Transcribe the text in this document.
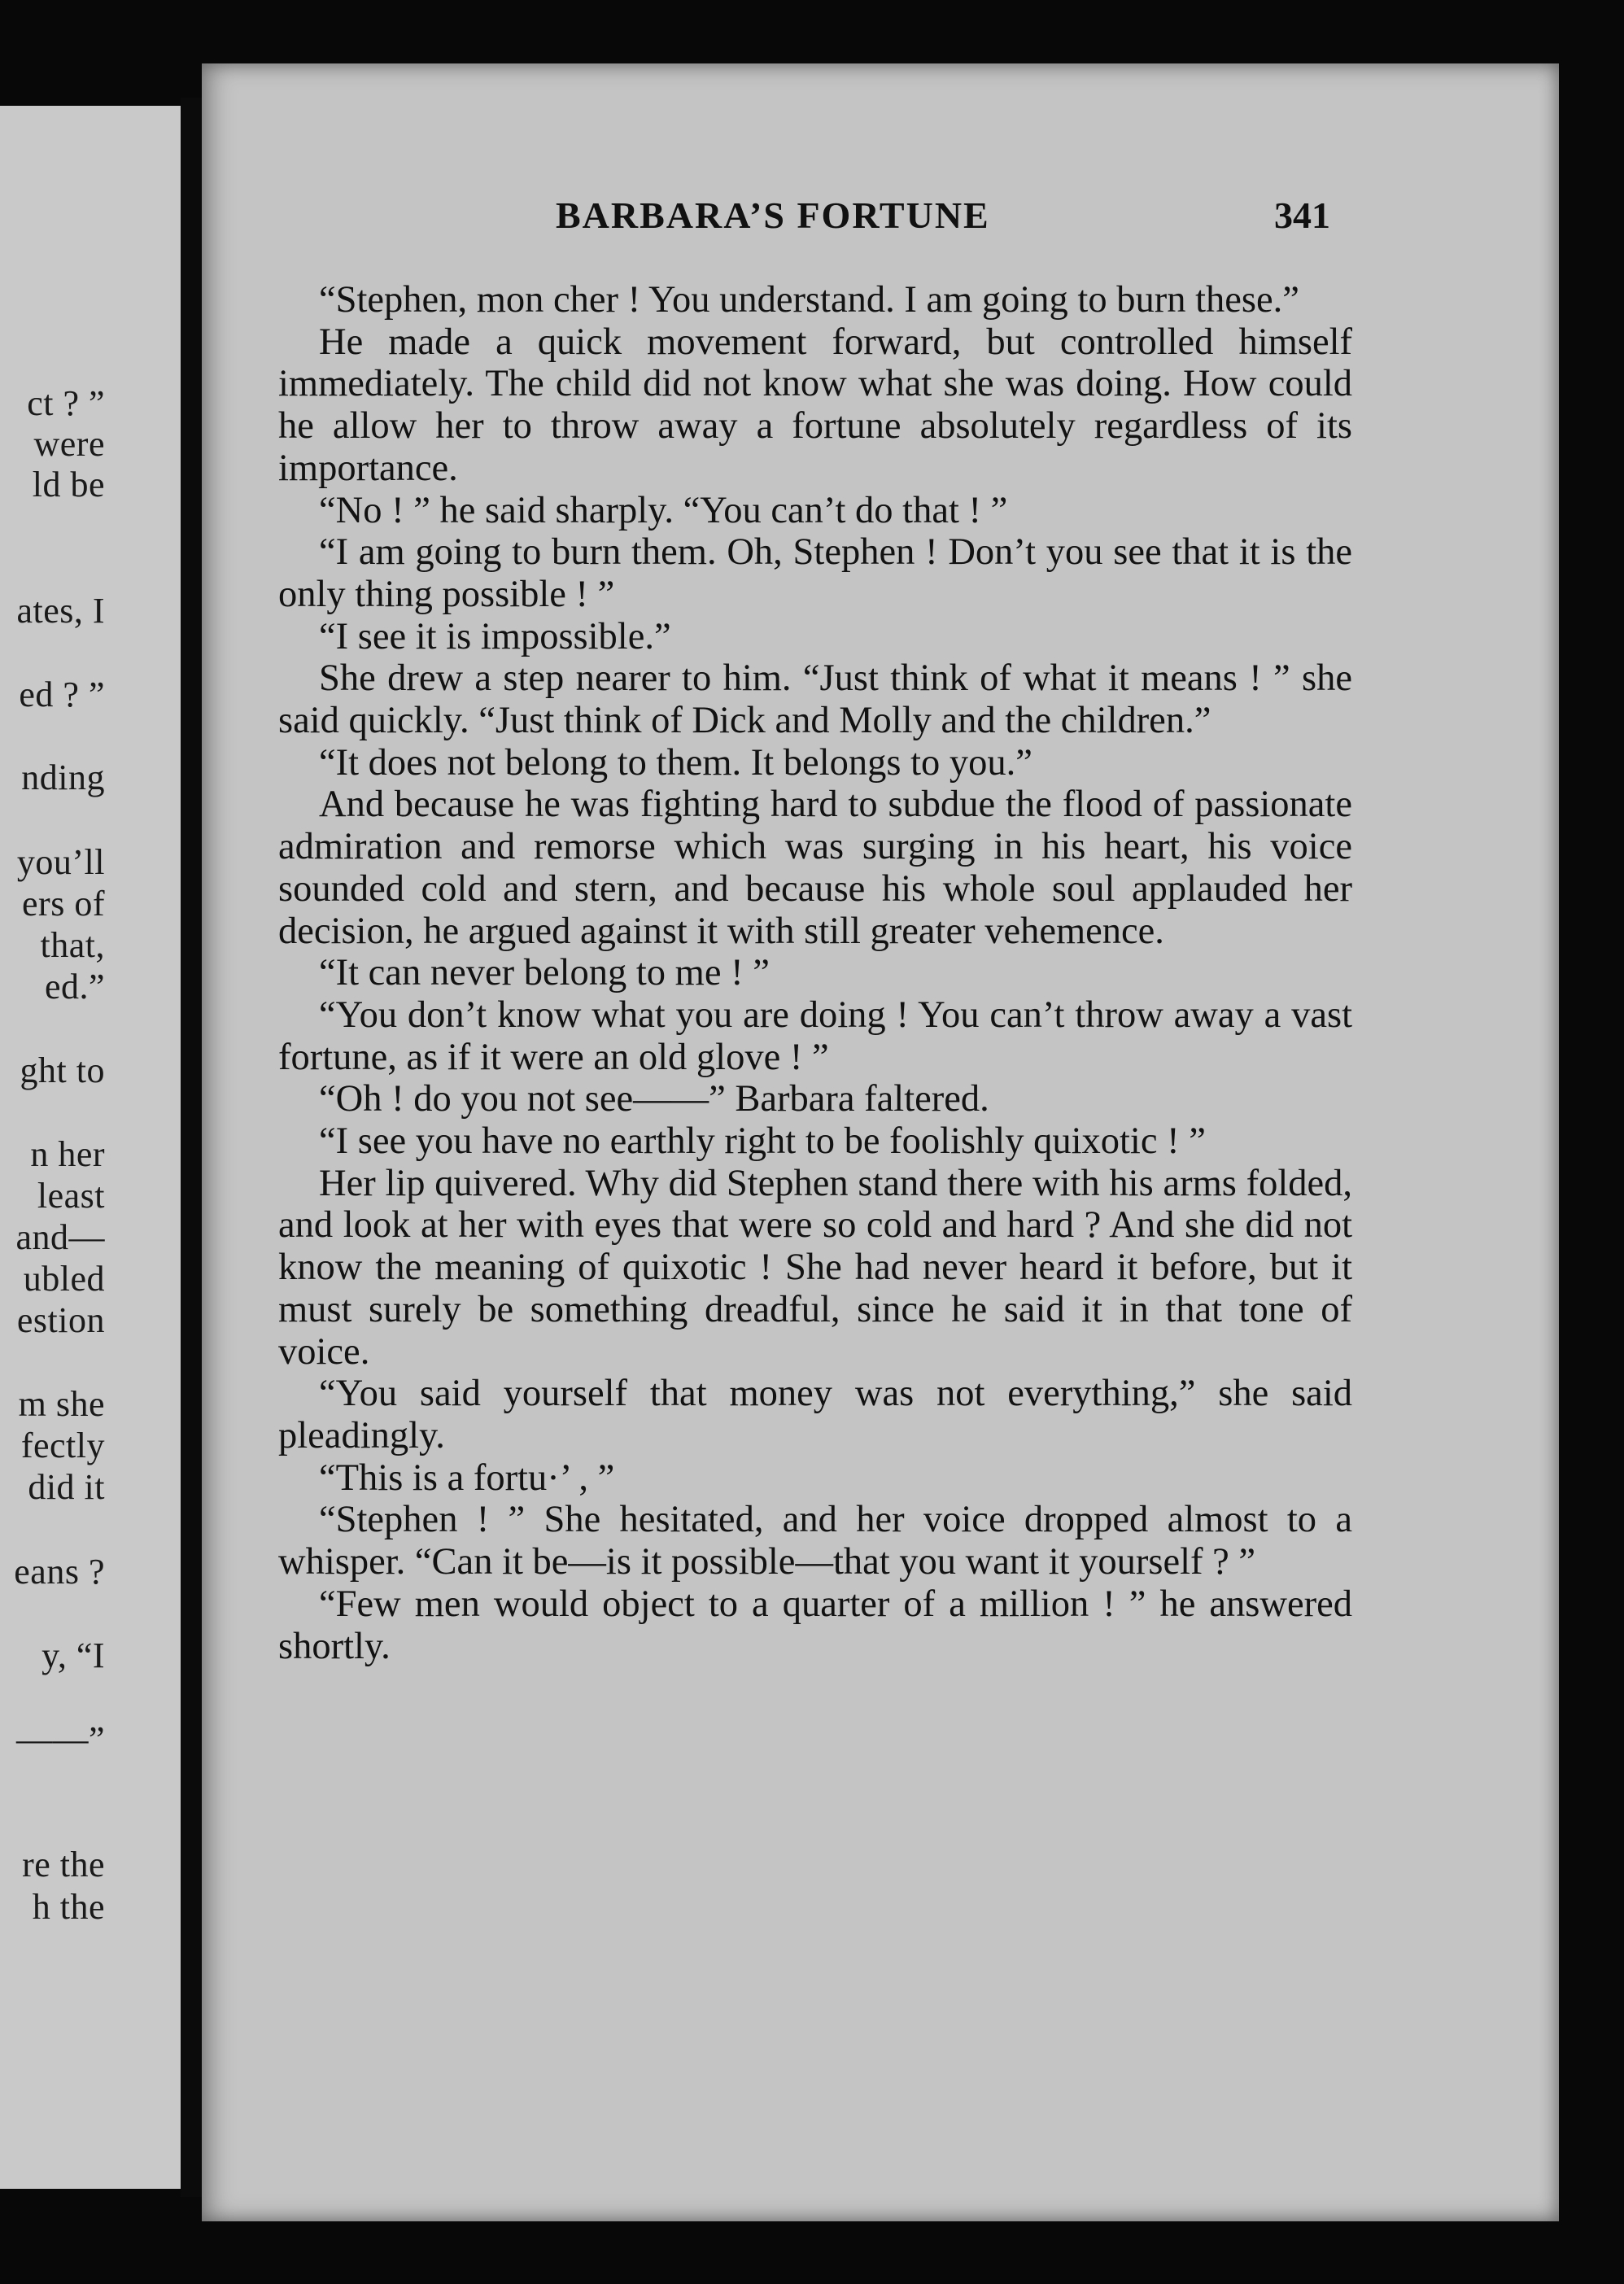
ct ? ”
were
ld be
ates, I
ed ? ”
nding
you’ll
ers of
that,
ed.”
ght to
n her
least
and—
ubled
estion
m she
fectly
did it
eans ?
y, “I
——”
re the
h the
BARBARA’S FORTUNE	341

“Stephen, mon cher ! You understand. I am going to burn these.”

He made a quick movement forward, but controlled himself immediately. The child did not know what she was doing. How could he allow her to throw away a fortune absolutely regardless of its importance.

“No ! ” he said sharply. “You can’t do that ! ”

“I am going to burn them. Oh, Stephen ! Don’t you see that it is the only thing possible ! ”

“I see it is impossible.”

She drew a step nearer to him. “Just think of what it means ! ” she said quickly. “Just think of Dick and Molly and the children.”

“It does not belong to them. It belongs to you.”

And because he was fighting hard to subdue the flood of passionate admiration and remorse which was surging in his heart, his voice sounded cold and stern, and because his whole soul applauded her decision, he argued against it with still greater vehemence.

“It can never belong to me ! ”

“You don’t know what you are doing ! You can’t throw away a vast fortune, as if it were an old glove ! ”

“Oh ! do you not see——” Barbara faltered.

“I see you have no earthly right to be foolishly quixotic ! ”

Her lip quivered. Why did Stephen stand there with his arms folded, and look at her with eyes that were so cold and hard ? And she did not know the meaning of quixotic ! She had never heard it before, but it must surely be something dreadful, since he said it in that tone of voice.

“You said yourself that money was not everything,” she said pleadingly.

“This is a fortu·’ , ”

“Stephen ! ” She hesitated, and her voice dropped almost to a whisper. “Can it be—is it possible—that you want it yourself ? ”

“Few men would object to a quarter of a million ! ” he answered shortly.
